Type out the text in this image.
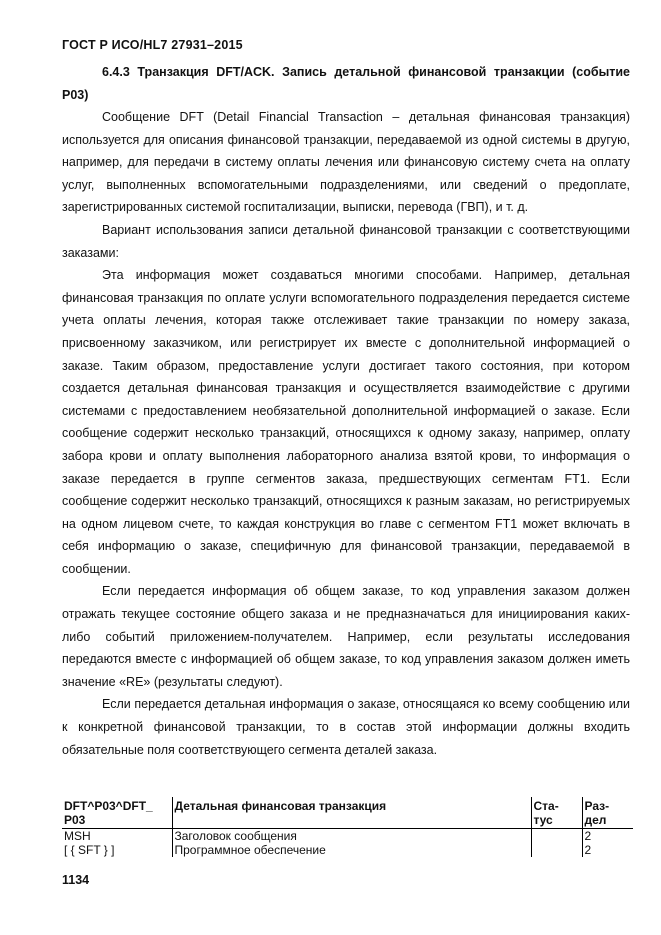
ГОСТ Р ИСО/HL7 27931–2015

6.4.3 Транзакция DFT/ACK. Запись детальной финансовой транзакции (событие P03)

Сообщение DFT (Detail Financial Transaction – детальная финансовая транзакция) используется для описания финансовой транзакции, передаваемой из одной системы в другую, например, для передачи в систему оплаты лечения или финансовую систему счета на оплату услуг, выполненных вспомогательными подразделениями, или сведений о предоплате, зарегистрированных системой госпитализации, выписки, перевода (ГВП), и т. д.

Вариант использования записи детальной финансовой транзакции с соответствующими заказами:

Эта информация может создаваться многими способами. Например, детальная финансовая транзакция по оплате услуги вспомогательного подразделения передается системе учета оплаты лечения, которая также отслеживает такие транзакции по номеру заказа, присвоенному заказчиком, или регистрирует их вместе с дополнительной информацией о заказе. Таким образом, предоставление услуги достигает такого состояния, при котором создается детальная финансовая транзакция и осуществляется взаимодействие с другими системами с предоставлением необязательной дополнительной информацией о заказе. Если сообщение содержит несколько транзакций, относящихся к одному заказу, например, оплату забора крови и оплату выполнения лабораторного анализа взятой крови, то информация о заказе передается в группе сегментов заказа, предшествующих сегментам FT1. Если сообщение содержит несколько транзакций, относящихся к разным заказам, но регистрируемых на одном лицевом счете, то каждая конструкция во главе с сегментом FT1 может включать в себя информацию о заказе, специфичную для финансовой транзакции, передаваемой в сообщении.

Если передается информация об общем заказе, то код управления заказом должен отражать текущее состояние общего заказа и не предназначаться для инициирования каких-либо событий приложением-получателем. Например, если результаты исследования передаются вместе с информацией об общем заказе, то код управления заказом должен иметь значение «RE» (результаты следуют).

Если передается детальная информация о заказе, относящаяся ко всему сообщению или к конкретной финансовой транзакции, то в состав этой информации должны входить обязательные поля соответствующего сегмента деталей заказа.

DFT^P03^DFT_ P03	Детальная финансовая транзакция	Ста- тус	Раз- дел
MSH	Заголовок сообщения		2
[ { SFT } ]	Программное обеспечение		2
1134
